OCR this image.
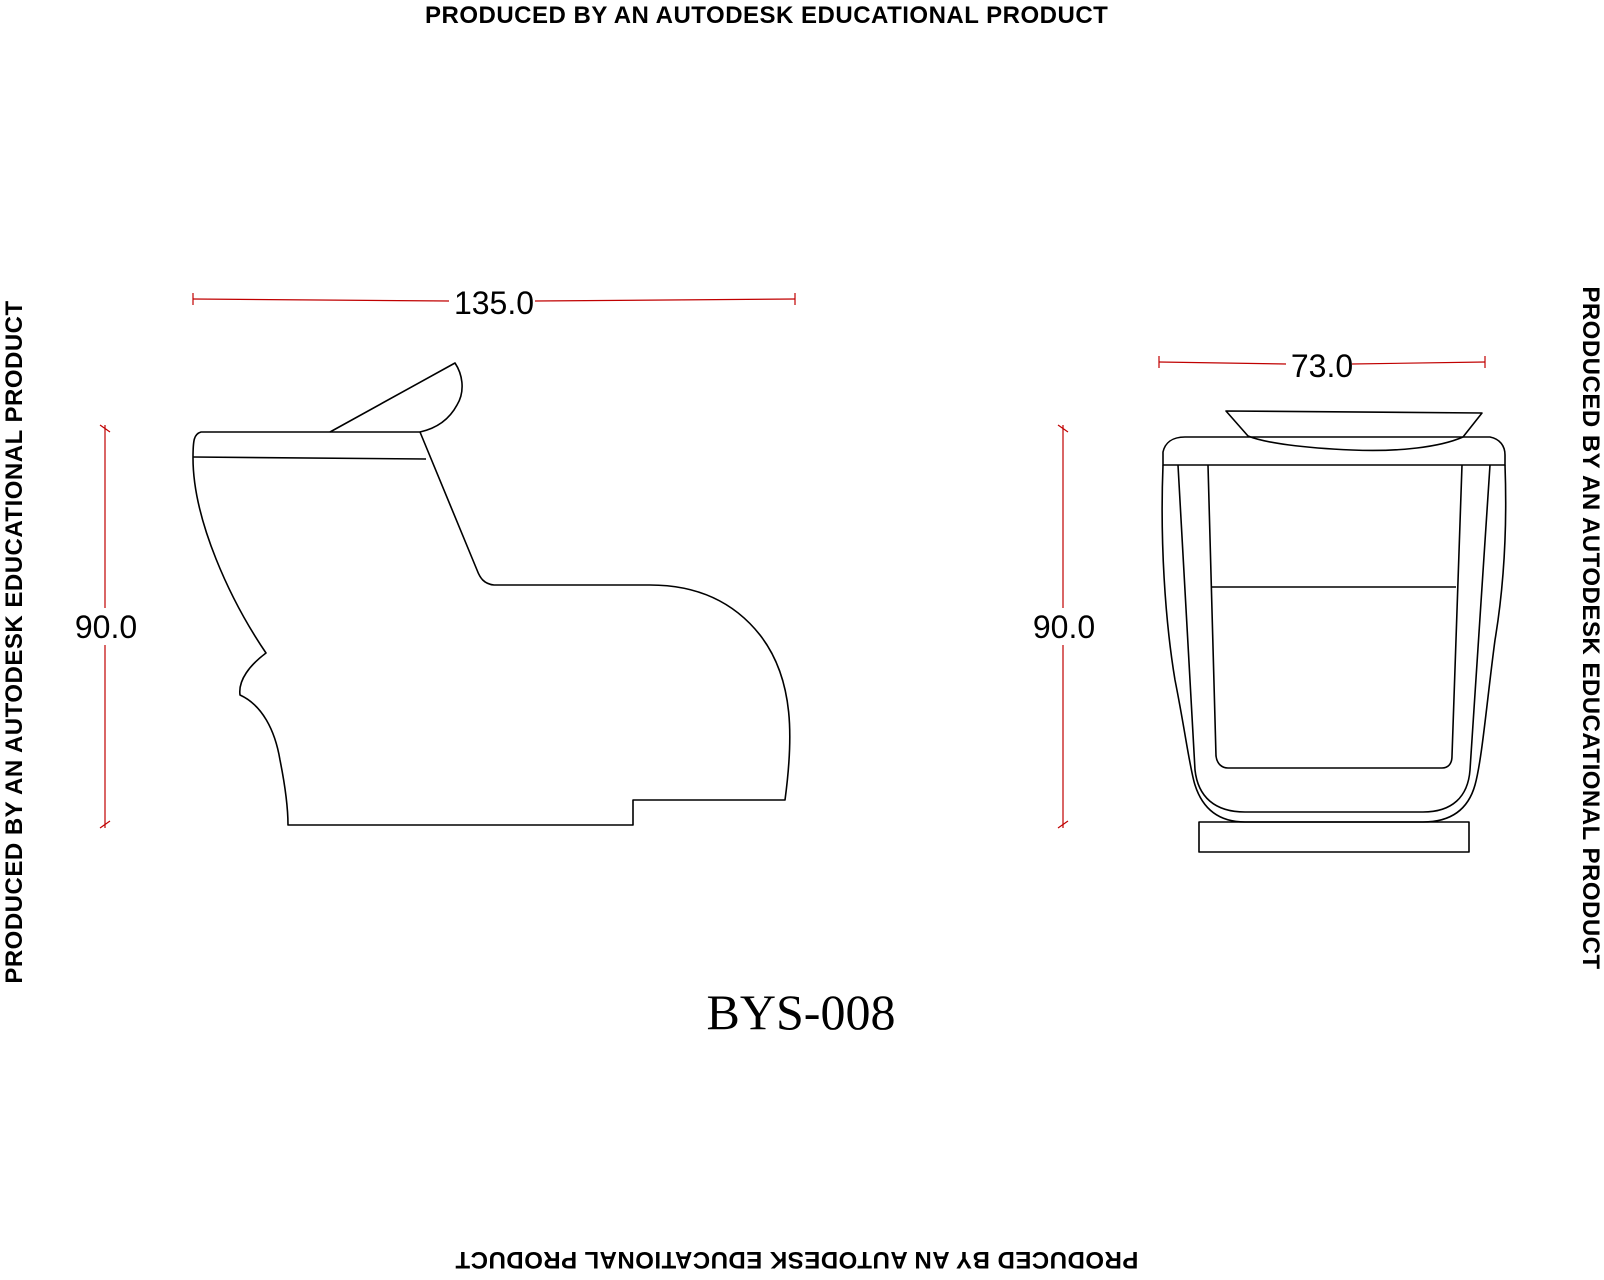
PRODUCED BY AN AUTODESK EDUCATIONAL PRODUCT
PRODUCED BY AN AUTODESK EDUCATIONAL PRODUCT
PRODUCED BY AN AUTODESK EDUCATIONAL PRODUCT	PRODUCED BY AN AUTODESK EDUCATIONAL PRODUCT
135.0
90.0
73.0
90.0
BYS-008
